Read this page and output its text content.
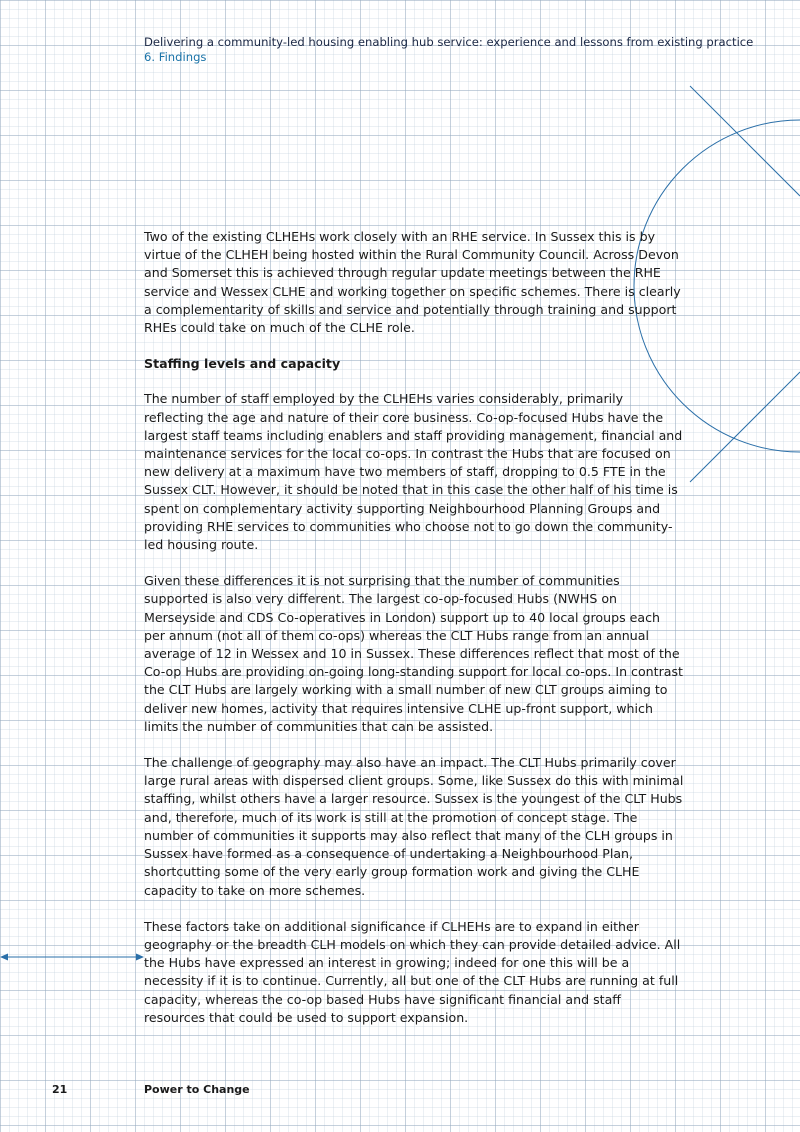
Delivering a community-led housing enabling hub service: experience and lessons from existing practice
6. Findings

Two of the existing CLHEHs work closely with an RHE service. In Sussex this is by virtue of the CLHEH being hosted within the Rural Community Council. Across Devon and Somerset this is achieved through regular update meetings between the RHE service and Wessex CLHE and working together on specific schemes. There is clearly a complementarity of skills and service and potentially through training and support RHEs could take on much of the CLHE role.

Staffing levels and capacity

The number of staff employed by the CLHEHs varies considerably, primarily reflecting the age and nature of their core business. Co-op-focused Hubs have the largest staff teams including enablers and staff providing management, financial and maintenance services for the local co-ops. In contrast the Hubs that are focused on new delivery at a maximum have two members of staff, dropping to 0.5 FTE in the Sussex CLT. However, it should be noted that in this case the other half of his time is spent on complementary activity supporting Neighbourhood Planning Groups and providing RHE services to communities who choose not to go down the community-led housing route.

Given these differences it is not surprising that the number of communities supported is also very different. The largest co-op-focused Hubs (NWHS on Merseyside and CDS Co-operatives in London) support up to 40 local groups each per annum (not all of them co-ops) whereas the CLT Hubs range from an annual average of 12 in Wessex and 10 in Sussex. These differences reflect that most of the Co-op Hubs are providing on-going long-standing support for local co-ops. In contrast the CLT Hubs are largely working with a small number of new CLT groups aiming to deliver new homes, activity that requires intensive CLHE up-front support, which limits the number of communities that can be assisted.

The challenge of geography may also have an impact. The CLT Hubs primarily cover large rural areas with dispersed client groups. Some, like Sussex do this with minimal staffing, whilst others have a larger resource. Sussex is the youngest of the CLT Hubs and, therefore, much of its work is still at the promotion of concept stage. The number of communities it supports may also reflect that many of the CLH groups in Sussex have formed as a consequence of undertaking a Neighbourhood Plan, shortcutting some of the very early group formation work and giving the CLHE capacity to take on more schemes.

These factors take on additional significance if CLHEHs are to expand in either geography or the breadth CLH models on which they can provide detailed advice. All the Hubs have expressed an interest in growing; indeed for one this will be a necessity if it is to continue. Currently, all but one of the CLT Hubs are running at full capacity, whereas the co-op based Hubs have significant financial and staff resources that could be used to support expansion.

21	Power to Change
